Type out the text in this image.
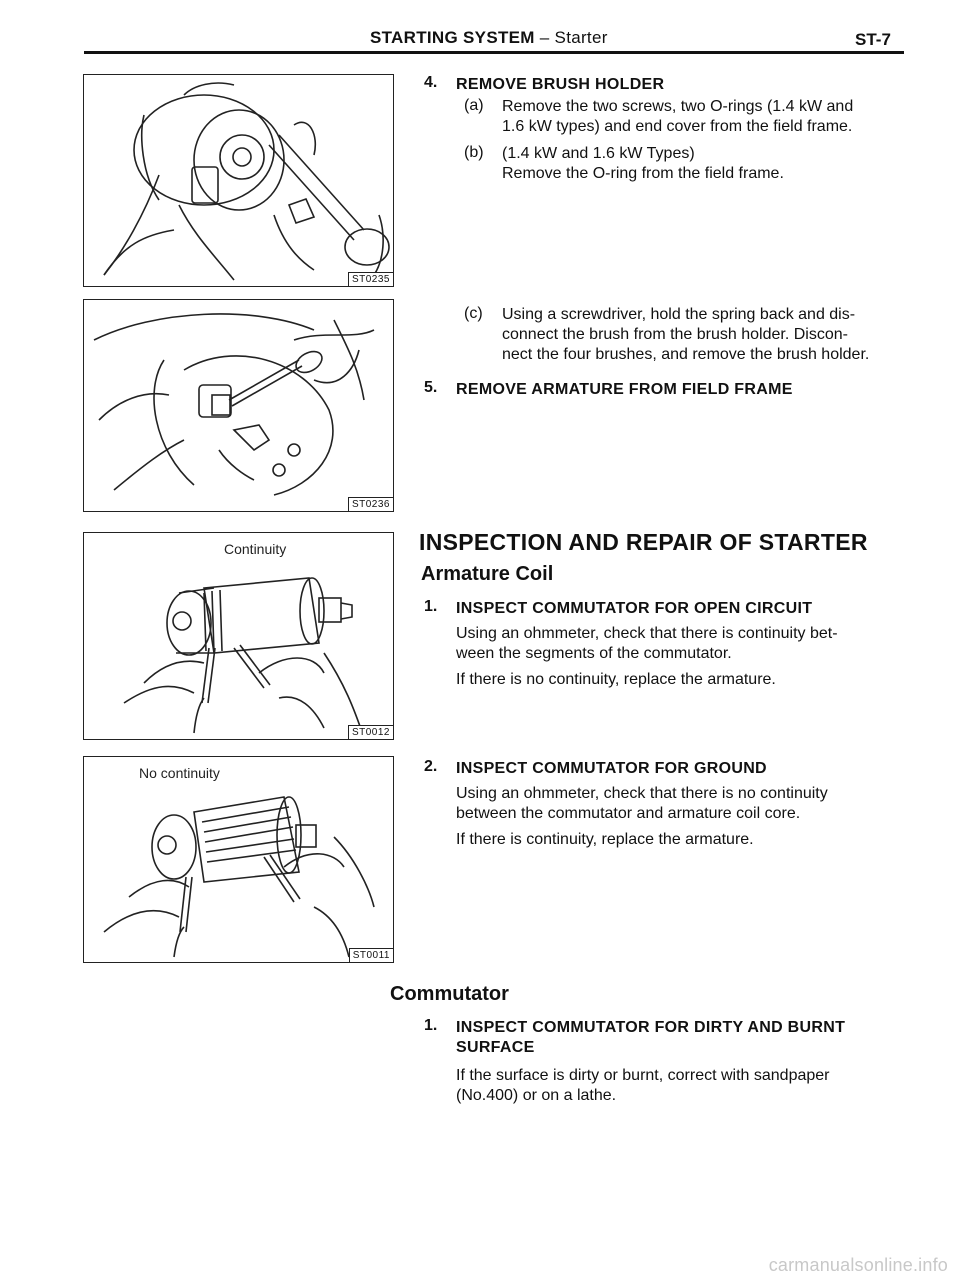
STARTING SYSTEM – Starter	ST-7
ST0235
ST0236
Continuity
ST0012
No continuity
ST0011
4. REMOVE BRUSH HOLDER
(a) Remove the two screws, two O-rings (1.4 kW and
1.6 kW types) and end cover from the field frame.
(b) (1.4 kW and 1.6 kW Types)
Remove the O-ring from the field frame.
(c) Using a screwdriver, hold the spring back and dis-
connect the brush from the brush holder. Discon-
nect the four brushes, and remove the brush holder.
5. REMOVE ARMATURE FROM FIELD FRAME
INSPECTION AND REPAIR OF STARTER
Armature Coil
1. INSPECT COMMUTATOR FOR OPEN CIRCUIT
Using an ohmmeter, check that there is continuity bet-
ween the segments of the commutator.
If there is no continuity, replace the armature.
2. INSPECT COMMUTATOR FOR GROUND
Using an ohmmeter, check that there is no continuity
between the commutator and armature coil core.
If there is continuity, replace the armature.
Commutator
1. INSPECT COMMUTATOR FOR DIRTY AND BURNT
SURFACE
If the surface is dirty or burnt, correct with sandpaper
(No.400) or on a lathe.
carmanualsonline.info
